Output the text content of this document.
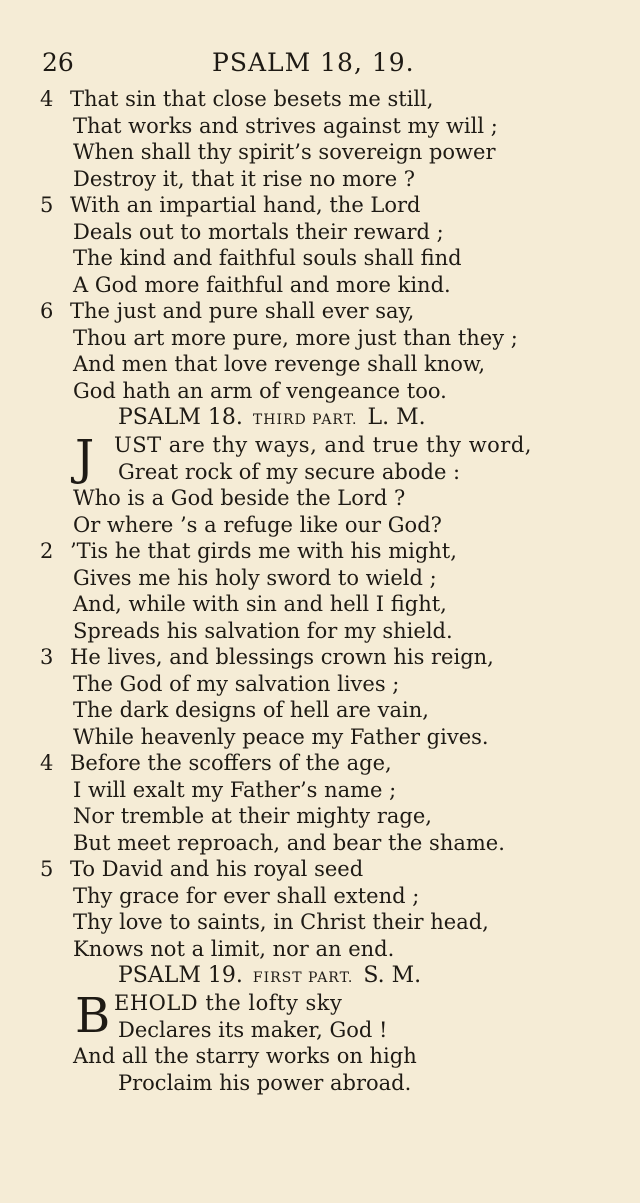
26	PSALM 18, 19.
4 That sin that close besets me still,
That works and strives against my will ;
When shall thy spirit’s sovereign power
Destroy it, that it rise no more ?
5 With an impartial hand, the Lord
Deals out to mortals their reward ;
The kind and faithful souls shall find
A God more faithful and more kind.
6 The just and pure shall ever say,
Thou art more pure, more just than they ;
And men that love revenge shall know,
God hath an arm of vengeance too.
PSALM 18. THIRD PART. L. M.
J UST are thy ways, and true thy word,
Great rock of my secure abode :
Who is a God beside the Lord ?
Or where ’s a refuge like our God?
2 ’Tis he that girds me with his might,
Gives me his holy sword to wield ;
And, while with sin and hell I fight,
Spreads his salvation for my shield.
3 He lives, and blessings crown his reign,
The God of my salvation lives ;
The dark designs of hell are vain,
While heavenly peace my Father gives.
4 Before the scoffers of the age,
I will exalt my Father’s name ;
Nor tremble at their mighty rage,
But meet reproach, and bear the shame.
5 To David and his royal seed
Thy grace for ever shall extend ;
Thy love to saints, in Christ their head,
Knows not a limit, nor an end.
PSALM 19. FIRST PART. S. M.
B EHOLD the lofty sky
Declares its maker, God !
And all the starry works on high
Proclaim his power abroad.
